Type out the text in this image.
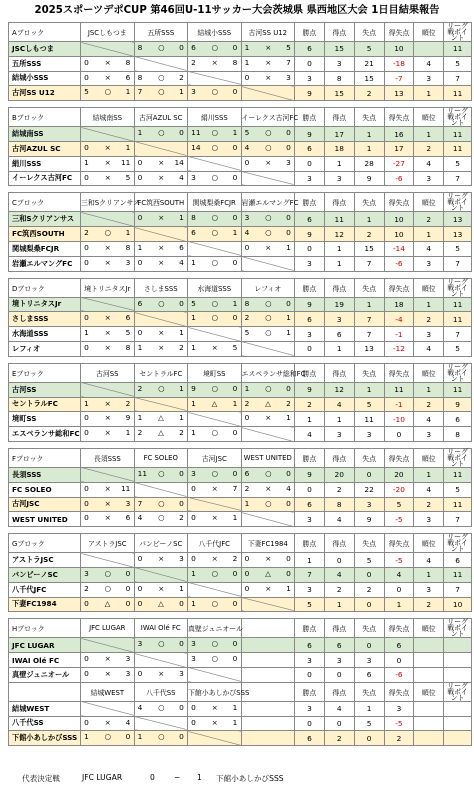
2025スポーツデポCUP 第46回U-11サッカー大会茨城県 県西地区大会 1日目結果報告
Aブロック	JSCしもつま	五所SSS	結城小SSS	古河SS U12	勝点	得点	失点	得失点	順位	リーグ戦ポイント
JSCしもつま		8 ○ 0	6 ○ 0	1 × 5	6	15	5	10		11
五所SSS	0 × 8		2 × 8	1 × 7	0	3	21	-18	4	5
結城小SSS	0 × 6	8 ○ 2		0 × 3	3	8	15	-7	3	7
古河SS U12	5 ○ 1	7 ○ 1	3 ○ 0		9	15	2	13	1	11
Bブロック	結城南SS	古河AZUL SC	絹川SSS	イーレクス古河FC	勝点	得点	失点	得失点	順位	リーグ戦ポイント
結城南SS		1 ○ 0	11 ○ 1	5 ○ 0	9	17	1	16	1	11
古河AZUL SC	0 × 1		14 ○ 0	4 ○ 0	6	18	1	17	2	11
絹川SSS	1 × 11	0 × 14		0 × 3	0	1	28	-27	4	5
イーレクス古河FC	0 × 5	0 × 4	3 ○ 0		3	3	9	-6	3	7
Cブロック	三和Sクリアンサス	FC筑西SOUTH	関城梨桑FCJR	岩瀬エルマングFC	勝点	得点	失点	得失点	順位	リーグ戦ポイント
三和Sクリアンサス		0 × 1	8 ○ 0	3 ○ 0	6	11	1	10	2	13
FC筑西SOUTH	2 ○ 1		6 ○ 1	4 ○ 0	9	12	2	10	1	13
関城梨桑FCJR	0 × 8	1 × 6		0 × 1	0	1	15	-14	4	5
岩瀬エルマングFC	0 × 3	0 × 4	1 ○ 0		3	1	7	-6	3	7
Dブロック	境トリニタスJr	さしまSSS	水海道SSS	レフィオ	勝点	得点	失点	得失点	順位	リーグ戦ポイント
境トリニタスJr		6 ○ 0	5 ○ 1	8 ○ 0	9	19	1	18	1	11
さしまSSS	0 × 6		1 ○ 0	2 ○ 1	6	3	7	-4	2	11
水海道SSS	1 × 5	0 × 1		5 ○ 1	3	6	7	-1	3	7
レフィオ	0 × 8	1 × 2	1 × 5		0	1	13	-12	4	5
Eブロック	古河SS	セントラルFC	境町SS	エスペランサ総和FC	勝点	得点	失点	得失点	順位	リーグ戦ポイント
古河SS		2 ○ 1	9 ○ 0	1 ○ 0	9	12	1	11	1	11
セントラルFC	1 × 2		1 △ 1	2 △ 2	2	4	5	-1	2	9
境町SS	0 × 9	1 △ 1		0 × 1	1	1	11	-10	4	6
エスペランサ総和FC	0 × 1	2 △ 2	1 ○ 0		4	3	3	0	3	8
Fブロック	長須SSS	FC SOLEO	古河JSC	WEST UNITED	勝点	得点	失点	得失点	順位	リーグ戦ポイント
長須SSS		11 ○ 0	3 ○ 0	6 ○ 0	9	20	0	20	1	11
FC SOLEO	0 × 11		0 × 7	2 × 4	0	2	22	-20	4	5
古河JSC	0 × 3	7 ○ 0		1 ○ 0	6	8	3	5	2	11
WEST UNITED	0 × 6	4 ○ 2	0 × 1		3	4	9	-5	3	7
Gブロック	アストラJSC	バンビーノSC	八千代JFC	下妻FC1984	勝点	得点	失点	得失点	順位	リーグ戦ポイント
アストラJSC		0 × 3	0 × 2	0 × 0	1	0	5	-5	4	6
バンビーノSC	3 ○ 0		1 ○ 0	0 △ 0	7	4	0	4	1	11
八千代JFC	2 ○ 0	0 × 1		0 × 1	3	2	2	0	3	7
下妻FC1984	0 △ 0	0 △ 0	1 ○ 0		5	1	0	1	2	10
Hブロック	JFC LUGAR	IWAI Olé FC	真壁ジュニオール		勝点	得点	失点	得失点	順位	リーグ戦ポイント
JFC LUGAR		3 ○ 0	3 ○ 0		6	6	0	6		
IWAI Olé FC	0 × 3		3 ○ 0		3	3	3	0		
真壁ジュニオール	0 × 3	0 × 3			0	0	6	-6		
	結城WEST	八千代SS	下館小あしかびSSS		勝点	得点	失点	得失点	順位	リーグ戦ポイント
結城WEST		4 ○ 0	0 × 1		3	4	1	3		
八千代SS	0 × 4		0 × 1		0	0	5	-5		
下館小あしかびSSS	1 ○ 0	1 ○ 0			6	2	0	2		
代表決定戦	JFC LUGAR	0	− 1 下館小あしかびSSS
